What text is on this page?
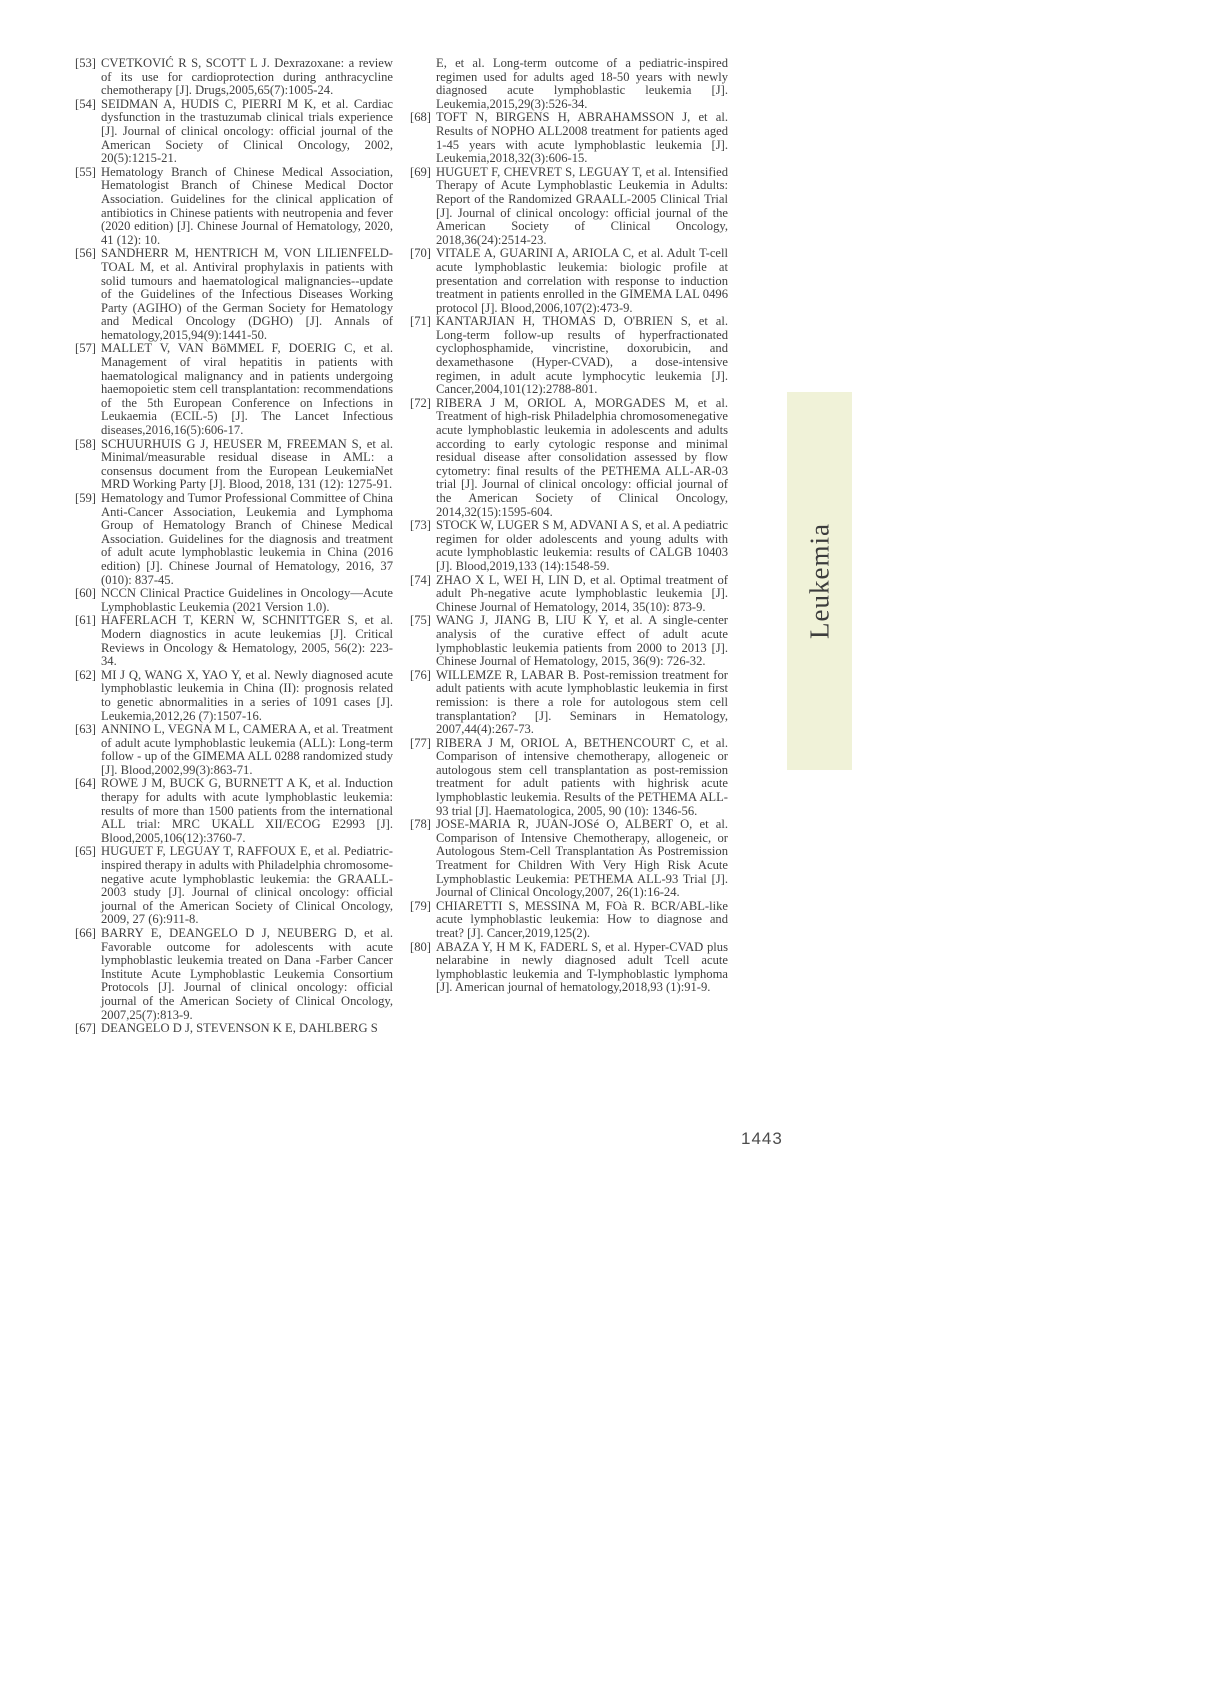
[53] CVETKOVIĆ R S, SCOTT L J. Dexrazoxane: a review of its use for cardioprotection during anthracycline chemotherapy [J]. Drugs,2005,65(7):1005-24.
[54] SEIDMAN A, HUDIS C, PIERRI M K, et al. Cardiac dysfunction in the trastuzumab clinical trials experience [J]. Journal of clinical oncology: official journal of the American Society of Clinical Oncology, 2002, 20(5):1215-21.
[55] Hematology Branch of Chinese Medical Association, Hematologist Branch of Chinese Medical Doctor Association. Guidelines for the clinical application of antibiotics in Chinese patients with neutropenia and fever (2020 edition) [J]. Chinese Journal of Hematology, 2020, 41 (12): 10.
[56] SANDHERR M, HENTRICH M, VON LILIENFELD-TOAL M, et al. Antiviral prophylaxis in patients with solid tumours and haematological malignancies--update of the Guidelines of the Infectious Diseases Working Party (AGIHO) of the German Society for Hematology and Medical Oncology (DGHO) [J]. Annals of hematology,2015,94(9):1441-50.
[57] MALLET V, VAN BöMMEL F, DOERIG C, et al. Management of viral hepatitis in patients with haematological malignancy and in patients undergoing haemopoietic stem cell transplantation: recommendations of the 5th European Conference on Infections in Leukaemia (ECIL-5) [J]. The Lancet Infectious diseases,2016,16(5):606-17.
[58] SCHUURHUIS G J, HEUSER M, FREEMAN S, et al. Minimal/measurable residual disease in AML: a consensus document from the European LeukemiaNet MRD Working Party [J]. Blood, 2018, 131 (12): 1275-91.
[59] Hematology and Tumor Professional Committee of China Anti-Cancer Association, Leukemia and Lymphoma Group of Hematology Branch of Chinese Medical Association. Guidelines for the diagnosis and treatment of adult acute lymphoblastic leukemia in China (2016 edition) [J]. Chinese Journal of Hematology, 2016, 37 (010): 837-45.
[60] NCCN Clinical Practice Guidelines in Oncology—Acute Lymphoblastic Leukemia (2021 Version 1.0).
[61] HAFERLACH T, KERN W, SCHNITTGER S, et al. Modern diagnostics in acute leukemias [J]. Critical Reviews in Oncology & Hematology, 2005, 56(2): 223-34.
[62] MI J Q, WANG X, YAO Y, et al. Newly diagnosed acute lymphoblastic leukemia in China (II): prognosis related to genetic abnormalities in a series of 1091 cases [J]. Leukemia,2012,26 (7):1507-16.
[63] ANNINO L, VEGNA M L, CAMERA A, et al. Treatment of adult acute lymphoblastic leukemia (ALL): Long-term follow - up of the GIMEMA ALL 0288 randomized study [J]. Blood,2002,99(3):863-71.
[64] ROWE J M, BUCK G, BURNETT A K, et al. Induction therapy for adults with acute lymphoblastic leukemia: results of more than 1500 patients from the international ALL trial: MRC UKALL XII/ECOG E2993 [J]. Blood,2005,106(12):3760-7.
[65] HUGUET F, LEGUAY T, RAFFOUX E, et al. Pediatric-inspired therapy in adults with Philadelphia chromosome-negative acute lymphoblastic leukemia: the GRAALL-2003 study [J]. Journal of clinical oncology: official journal of the American Society of Clinical Oncology, 2009, 27 (6):911-8.
[66] BARRY E, DEANGELO D J, NEUBERG D, et al. Favorable outcome for adolescents with acute lymphoblastic leukemia treated on Dana -Farber Cancer Institute Acute Lymphoblastic Leukemia Consortium Protocols [J]. Journal of clinical oncology: official journal of the American Society of Clinical Oncology, 2007,25(7):813-9.
[67] DEANGELO D J, STEVENSON K E, DAHLBERG S
E, et al. Long-term outcome of a pediatric-inspired regimen used for adults aged 18-50 years with newly diagnosed acute lymphoblastic leukemia [J]. Leukemia,2015,29(3):526-34.
[68] TOFT N, BIRGENS H, ABRAHAMSSON J, et al. Results of NOPHO ALL2008 treatment for patients aged 1-45 years with acute lymphoblastic leukemia [J]. Leukemia,2018,32(3):606-15.
[69] HUGUET F, CHEVRET S, LEGUAY T, et al. Intensified Therapy of Acute Lymphoblastic Leukemia in Adults: Report of the Randomized GRAALL-2005 Clinical Trial [J]. Journal of clinical oncology: official journal of the American Society of Clinical Oncology, 2018,36(24):2514-23.
[70] VITALE A, GUARINI A, ARIOLA C, et al. Adult T-cell acute lymphoblastic leukemia: biologic profile at presentation and correlation with response to induction treatment in patients enrolled in the GIMEMA LAL 0496 protocol [J]. Blood,2006,107(2):473-9.
[71] KANTARJIAN H, THOMAS D, O'BRIEN S, et al. Long-term follow-up results of hyperfractionated cyclophosphamide, vincristine, doxorubicin, and dexamethasone (Hyper-CVAD), a dose-intensive regimen, in adult acute lymphocytic leukemia [J]. Cancer,2004,101(12):2788-801.
[72] RIBERA J M, ORIOL A, MORGADES M, et al. Treatment of high-risk Philadelphia chromosomenegative acute lymphoblastic leukemia in adolescents and adults according to early cytologic response and minimal residual disease after consolidation assessed by flow cytometry: final results of the PETHEMA ALL-AR-03 trial [J]. Journal of clinical oncology: official journal of the American Society of Clinical Oncology, 2014,32(15):1595-604.
[73] STOCK W, LUGER S M, ADVANI A S, et al. A pediatric regimen for older adolescents and young adults with acute lymphoblastic leukemia: results of CALGB 10403 [J]. Blood,2019,133 (14):1548-59.
[74] ZHAO X L, WEI H, LIN D, et al. Optimal treatment of adult Ph-negative acute lymphoblastic leukemia [J]. Chinese Journal of Hematology, 2014, 35(10): 873-9.
[75] WANG J, JIANG B, LIU K Y, et al. A single-center analysis of the curative effect of adult acute lymphoblastic leukemia patients from 2000 to 2013 [J]. Chinese Journal of Hematology, 2015, 36(9): 726-32.
[76] WILLEMZE R, LABAR B. Post-remission treatment for adult patients with acute lymphoblastic leukemia in first remission: is there a role for autologous stem cell transplantation? [J]. Seminars in Hematology, 2007,44(4):267-73.
[77] RIBERA J M, ORIOL A, BETHENCOURT C, et al. Comparison of intensive chemotherapy, allogeneic or autologous stem cell transplantation as post-remission treatment for adult patients with highrisk acute lymphoblastic leukemia. Results of the PETHEMA ALL-93 trial [J]. Haematologica, 2005, 90 (10): 1346-56.
[78] JOSE-MARIA R, JUAN-JOSé O, ALBERT O, et al. Comparison of Intensive Chemotherapy, allogeneic, or Autologous Stem-Cell Transplantation As Postremission Treatment for Children With Very High Risk Acute Lymphoblastic Leukemia: PETHEMA ALL-93 Trial [J]. Journal of Clinical Oncology,2007, 26(1):16-24.
[79] CHIARETTI S, MESSINA M, FOà R. BCR/ABL-like acute lymphoblastic leukemia: How to diagnose and treat? [J]. Cancer,2019,125(2).
[80] ABAZA Y, H M K, FADERL S, et al. Hyper-CVAD plus nelarabine in newly diagnosed adult Tcell acute lymphoblastic leukemia and T-lymphoblastic lymphoma [J]. American journal of hematology,2018,93 (1):91-9.
Leukemia
1443
